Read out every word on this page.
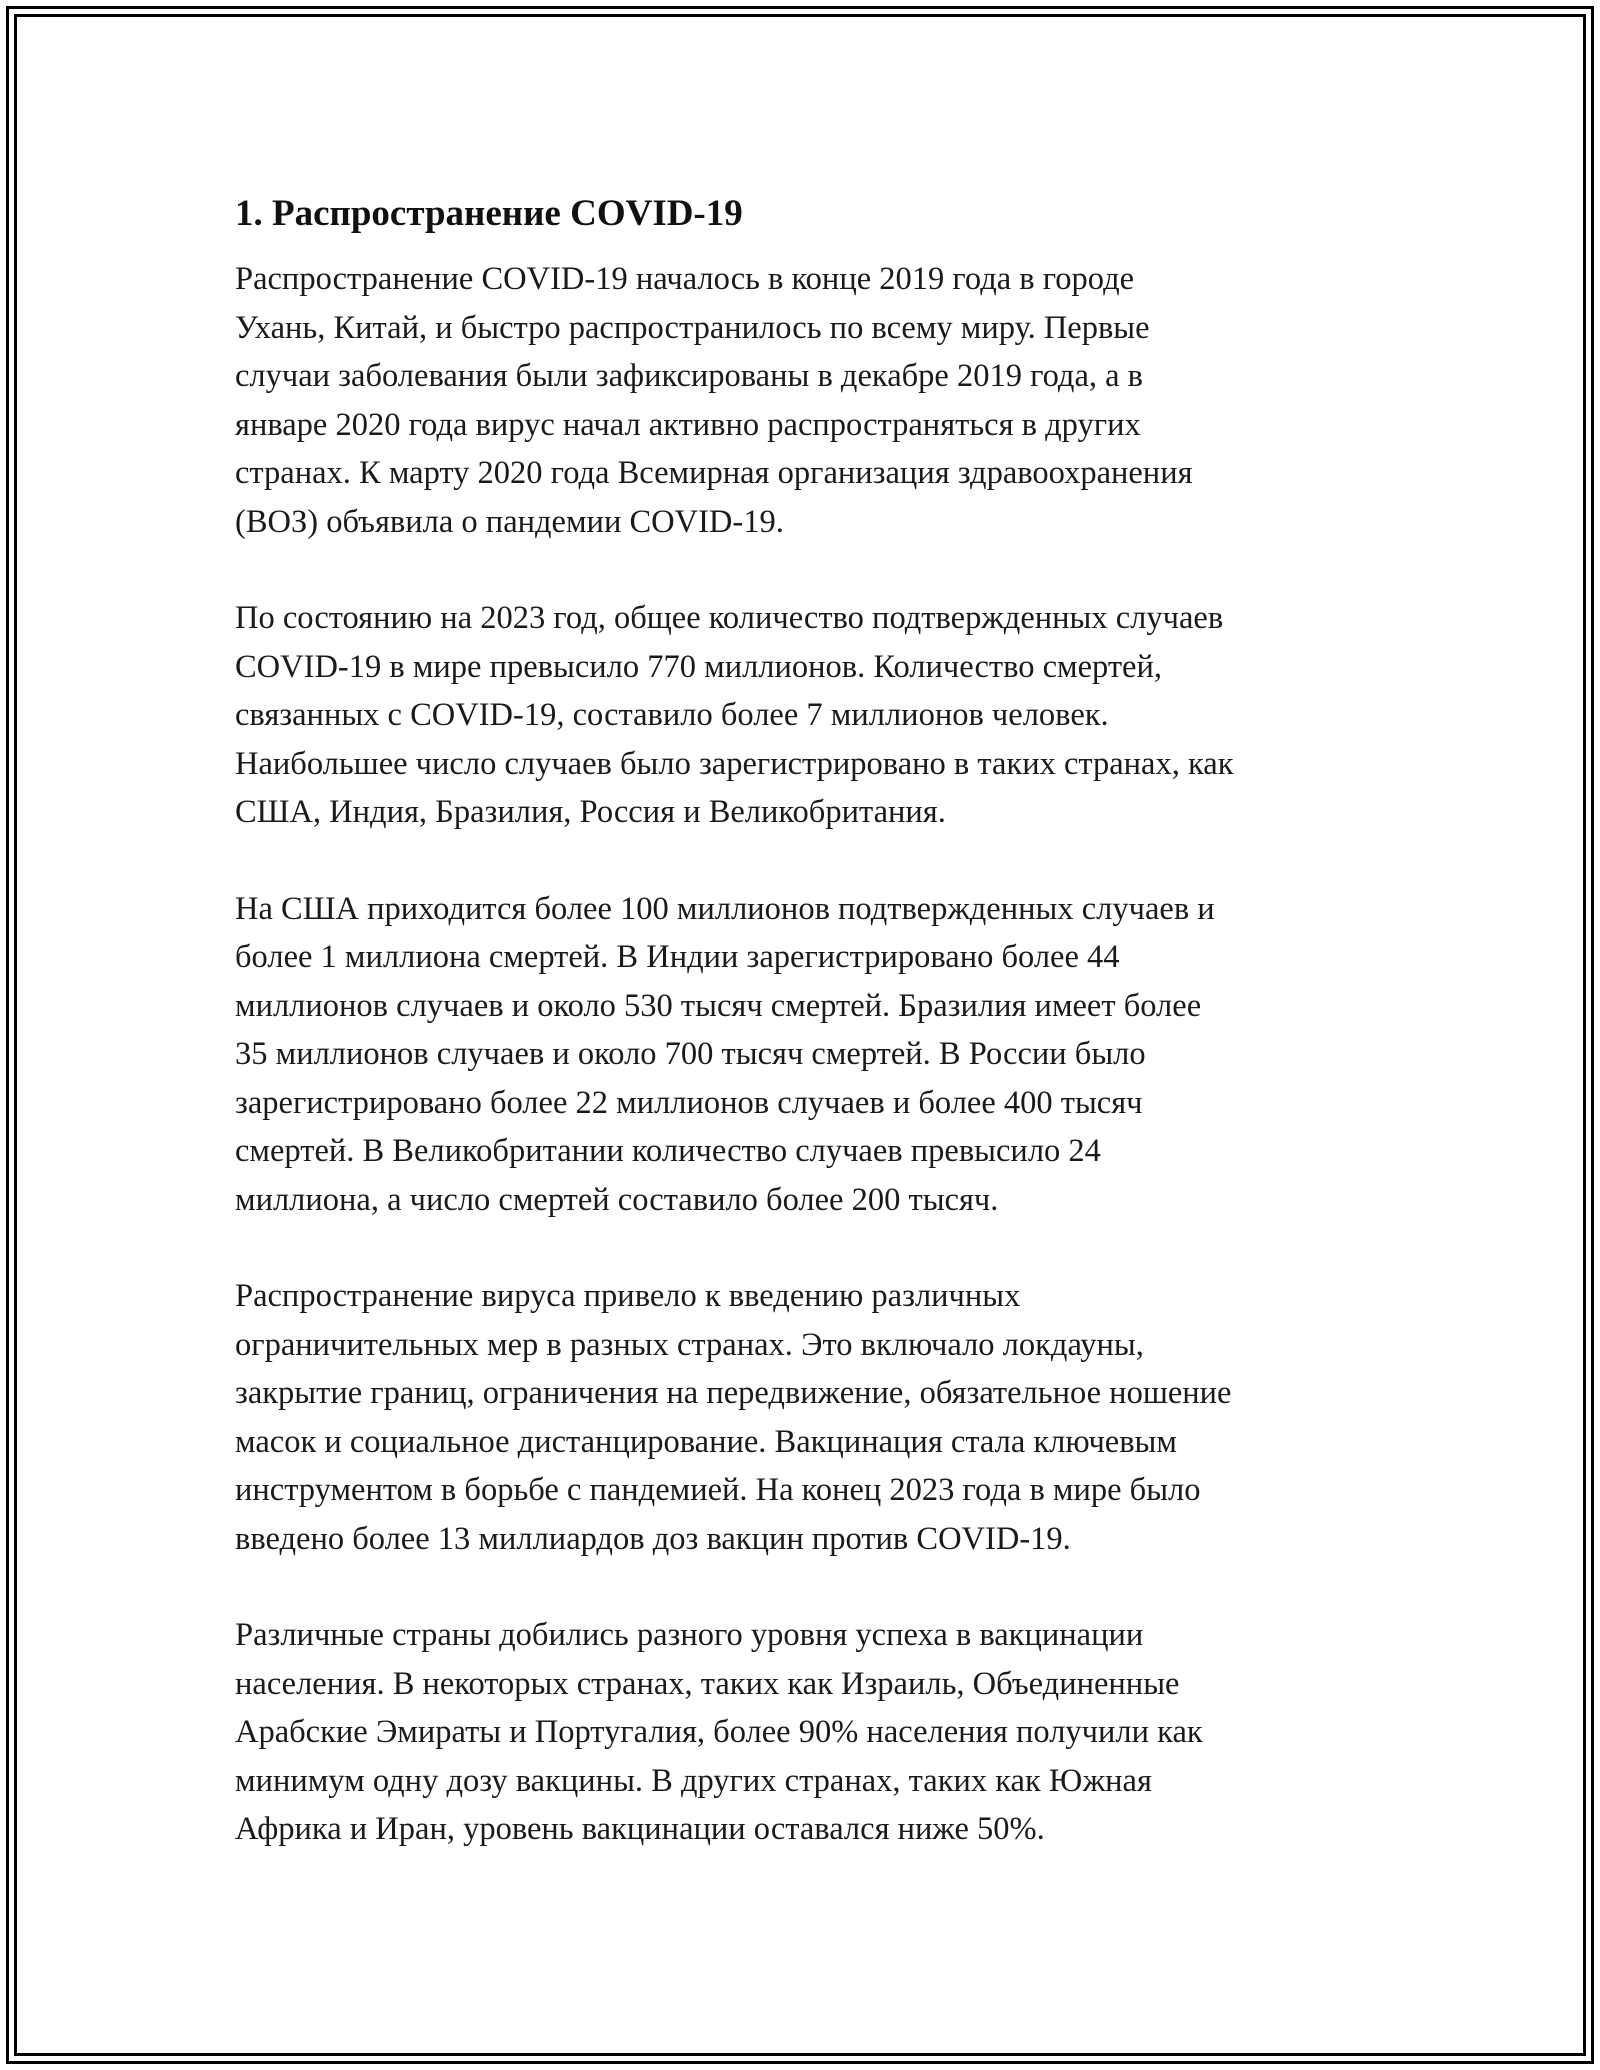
1. Распространение COVID-19

Распространение COVID-19 началось в конце 2019 года в городе
Ухань, Китай, и быстро распространилось по всему миру. Первые
случаи заболевания были зафиксированы в декабре 2019 года, а в
январе 2020 года вирус начал активно распространяться в других
странах. К марту 2020 года Всемирная организация здравоохранения
(ВОЗ) объявила о пандемии COVID-19.

По состоянию на 2023 год, общее количество подтвержденных случаев
COVID-19 в мире превысило 770 миллионов. Количество смертей,
связанных с COVID-19, составило более 7 миллионов человек.
Наибольшее число случаев было зарегистрировано в таких странах, как
США, Индия, Бразилия, Россия и Великобритания.

На США приходится более 100 миллионов подтвержденных случаев и
более 1 миллиона смертей. В Индии зарегистрировано более 44
миллионов случаев и около 530 тысяч смертей. Бразилия имеет более
35 миллионов случаев и около 700 тысяч смертей. В России было
зарегистрировано более 22 миллионов случаев и более 400 тысяч
смертей. В Великобритании количество случаев превысило 24
миллиона, а число смертей составило более 200 тысяч.

Распространение вируса привело к введению различных
ограничительных мер в разных странах. Это включало локдауны,
закрытие границ, ограничения на передвижение, обязательное ношение
масок и социальное дистанцирование. Вакцинация стала ключевым
инструментом в борьбе с пандемией. На конец 2023 года в мире было
введено более 13 миллиардов доз вакцин против COVID-19.

Различные страны добились разного уровня успеха в вакцинации
населения. В некоторых странах, таких как Израиль, Объединенные
Арабские Эмираты и Португалия, более 90% населения получили как
минимум одну дозу вакцины. В других странах, таких как Южная
Африка и Иран, уровень вакцинации оставался ниже 50%.
